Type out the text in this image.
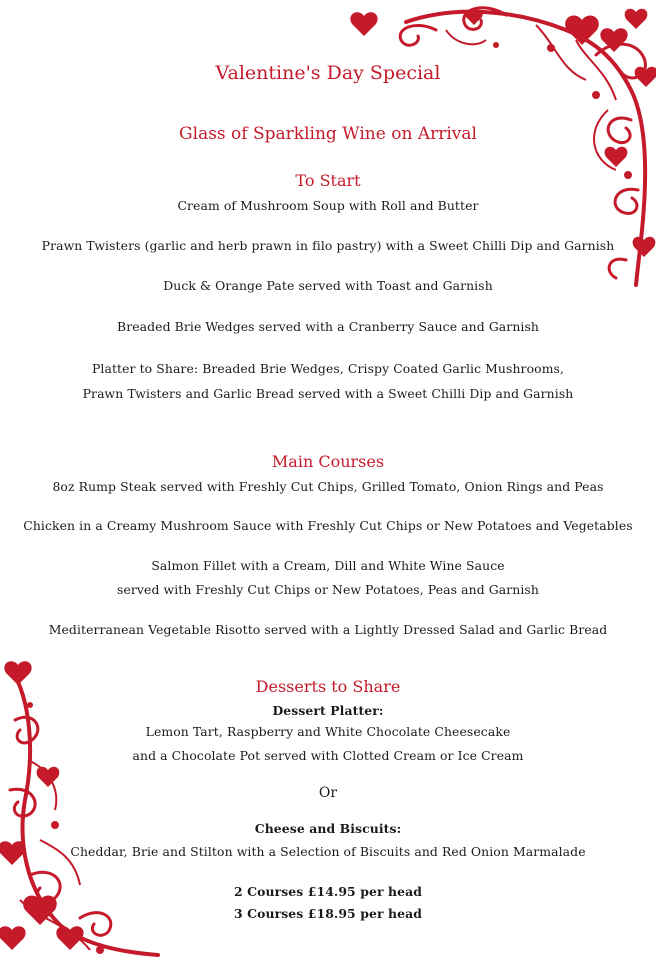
Valentine's Day Special
Glass of Sparkling Wine on Arrival
To Start
Cream of Mushroom Soup with Roll and Butter
Prawn Twisters (garlic and herb prawn in filo pastry) with a Sweet Chilli Dip and Garnish
Duck & Orange Pate served with Toast and Garnish
Breaded Brie Wedges served with a Cranberry Sauce and Garnish
Platter to Share: Breaded Brie Wedges, Crispy Coated Garlic Mushrooms,
Prawn Twisters and Garlic Bread served with a Sweet Chilli Dip and Garnish
Main Courses
8oz Rump Steak served with Freshly Cut Chips, Grilled Tomato, Onion Rings and Peas
Chicken in a Creamy Mushroom Sauce with Freshly Cut Chips or New Potatoes and Vegetables
Salmon Fillet with a Cream, Dill and White Wine Sauce
served with Freshly Cut Chips or New Potatoes, Peas and Garnish
Mediterranean Vegetable Risotto served with a Lightly Dressed Salad and Garlic Bread
Desserts to Share
Dessert Platter:
Lemon Tart, Raspberry and White Chocolate Cheesecake
and a Chocolate Pot served with Clotted Cream or Ice Cream
Or
Cheese and Biscuits:
Cheddar, Brie and Stilton with a Selection of Biscuits and Red Onion Marmalade
2 Courses £14.95 per head
3 Courses £18.95 per head
